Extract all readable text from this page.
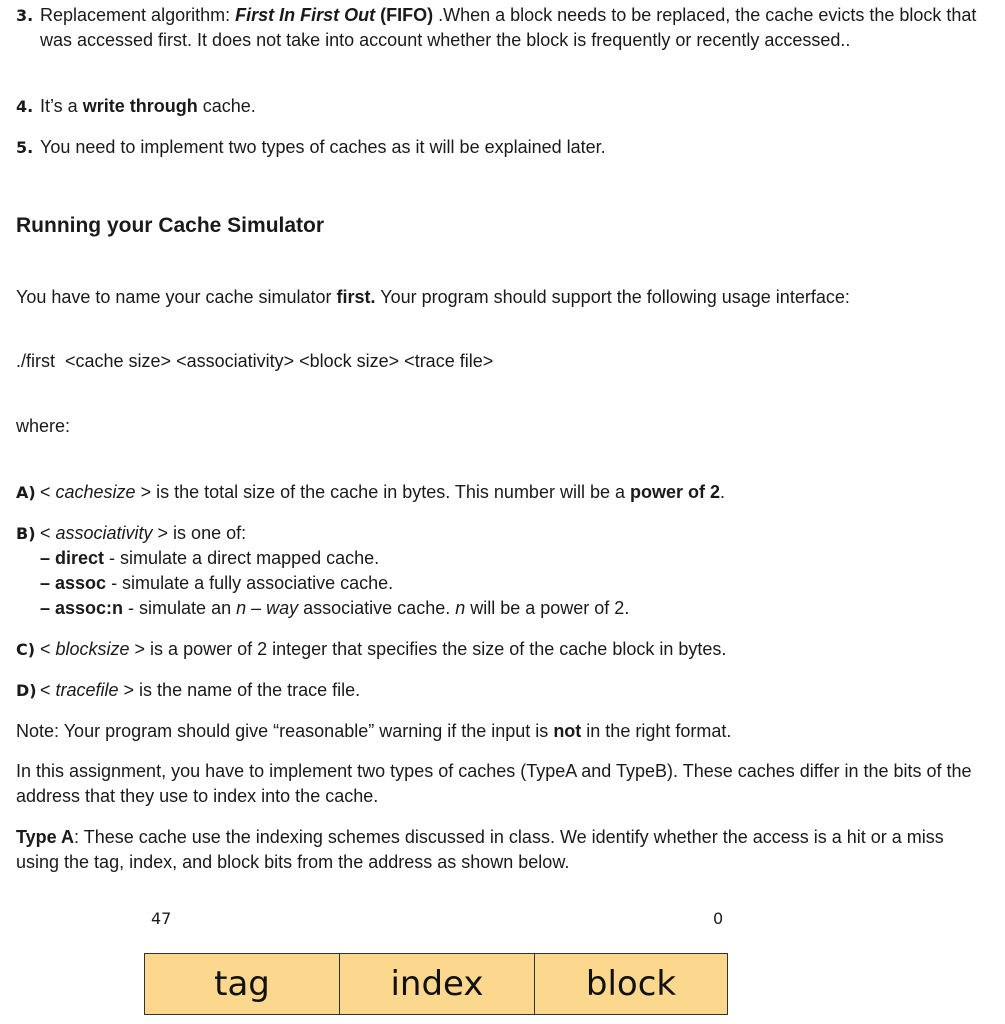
3. Replacement algorithm: First In First Out (FIFO) .When a block needs to be replaced, the cache evicts the block that was accessed first. It does not take into account whether the block is frequently or recently accessed..
4. It’s a write through cache.
5. You need to implement two types of caches as it will be explained later.
Running your Cache Simulator
You have to name your cache simulator first. Your program should support the following usage interface:
./first  <cache size> <associativity> <block size> <trace file>
where:
A) < cachesize > is the total size of the cache in bytes. This number will be a power of 2.
B) < associativity > is one of:
– direct - simulate a direct mapped cache.
– assoc - simulate a fully associative cache.
– assoc:n - simulate an n – way associative cache. n will be a power of 2.
C) < blocksize > is a power of 2 integer that specifies the size of the cache block in bytes.
D) < tracefile > is the name of the trace file.
Note: Your program should give “reasonable” warning if the input is not in the right format.
In this assignment, you have to implement two types of caches (TypeA and TypeB). These caches differ in the bits of the address that they use to index into the cache.
Type A: These cache use the indexing schemes discussed in class. We identify whether the access is a hit or a miss using the tag, index, and block bits from the address as shown below.
47	0
tag	index	block
